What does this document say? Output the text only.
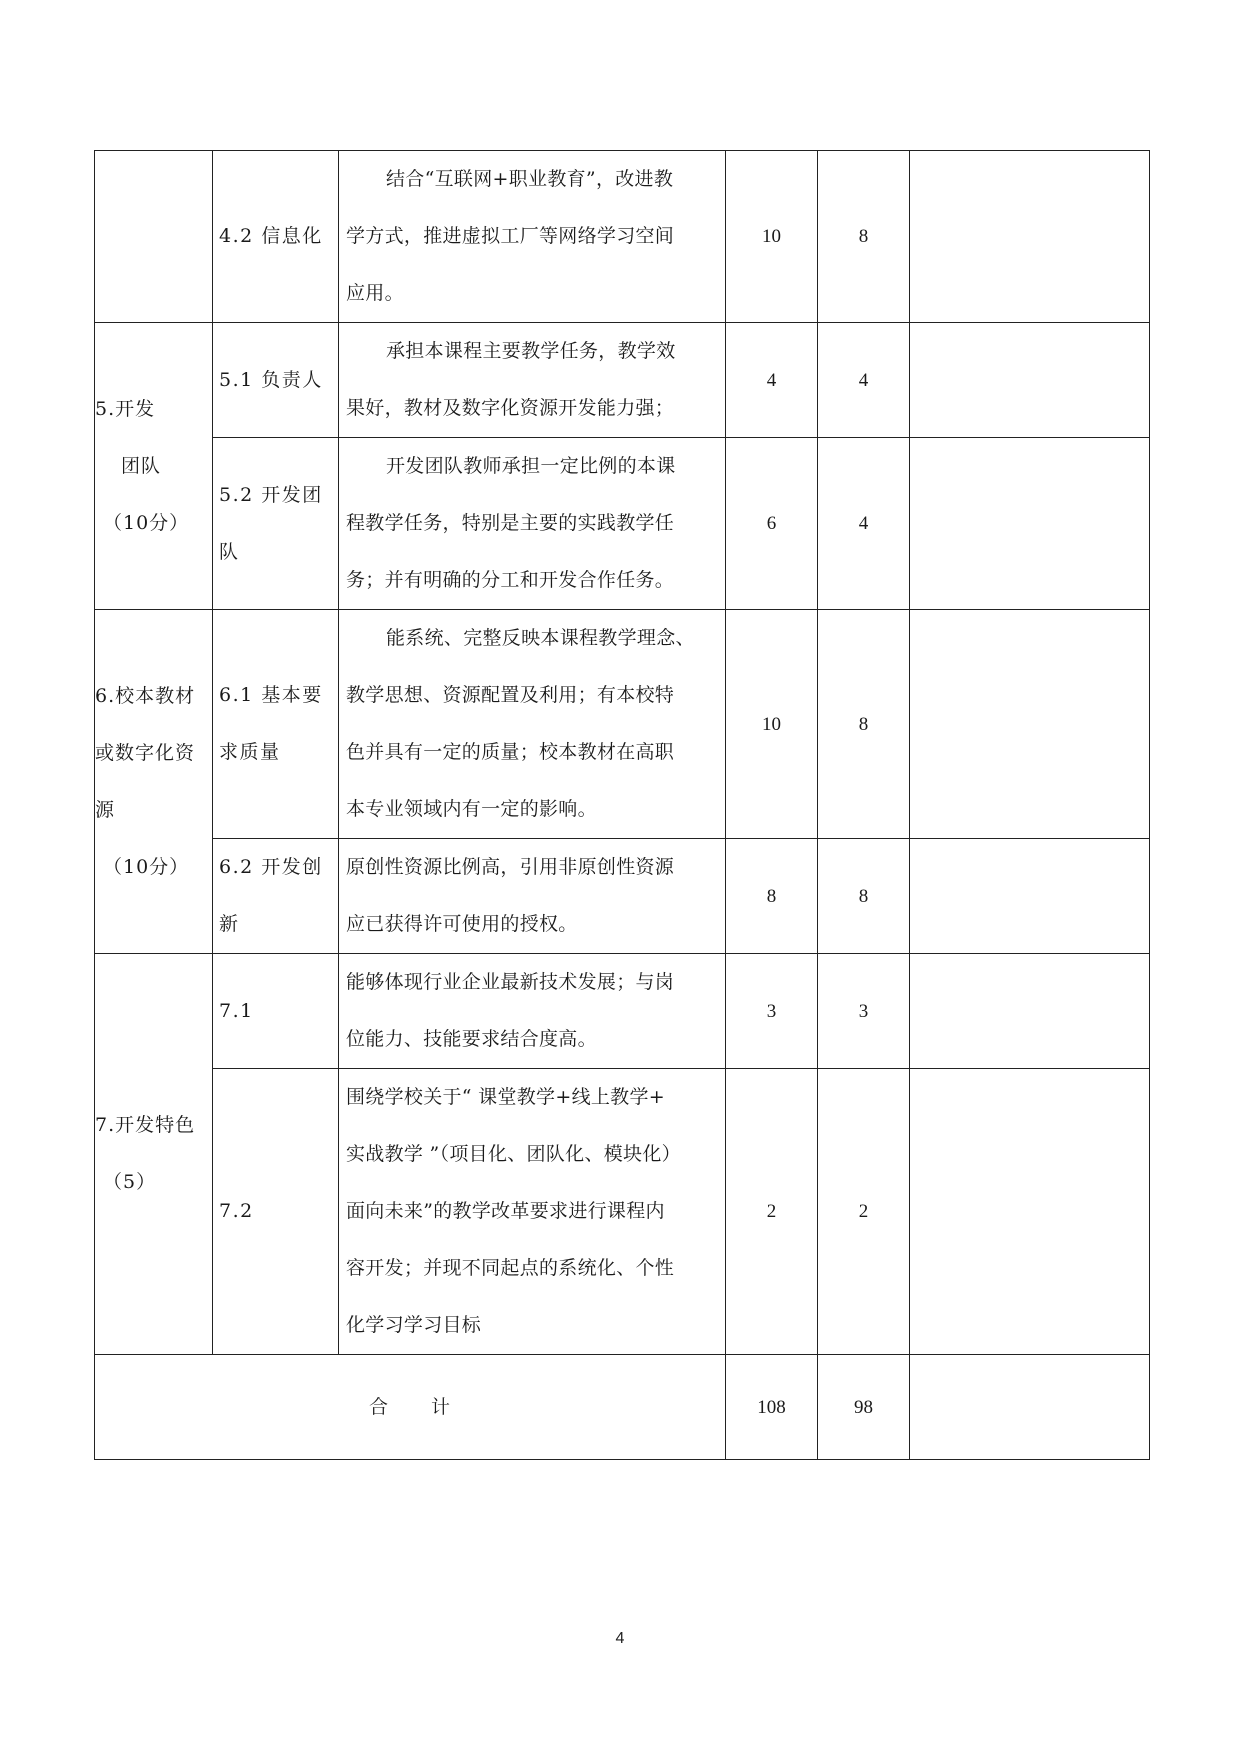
	4.2 信息化	结合“互联网+职业教育”，改进教
学方式，推进虚拟工厂等网络学习空间
应用。	10	8	

5.开发
团队
（10分）	5.1 负责人	承担本课程主要教学任务，教学效
果好，教材及数字化资源开发能力强；	4	4	

	5.2 开发团
队	开发团队教师承担一定比例的本课
程教学任务，特别是主要的实践教学任
务；并有明确的分工和开发合作任务。	6	4	

6.校本教材
或数字化资
源
（10分）	6.1 基本要
求质量	能系统、完整反映本课程教学理念、
教学思想、资源配置及利用；有本校特
色并具有一定的质量；校本教材在高职
本专业领域内有一定的影响。	10	8	

	6.2 开发创
新	原创性资源比例高，引用非原创性资源
应已获得许可使用的授权。	8	8	

7.开发特色
（5）	7.1	能够体现行业企业最新技术发展；与岗
位能力、技能要求结合度高。	3	3	

	7.2	围绕学校关于“ 课堂教学+线上教学+
实战教学 ”（项目化、团队化、模块化）
面向未来”的教学改革要求进行课程内
容开发；并现不同起点的系统化、个性
化学习学习目标	2	2	
合 计			108	98	
4
